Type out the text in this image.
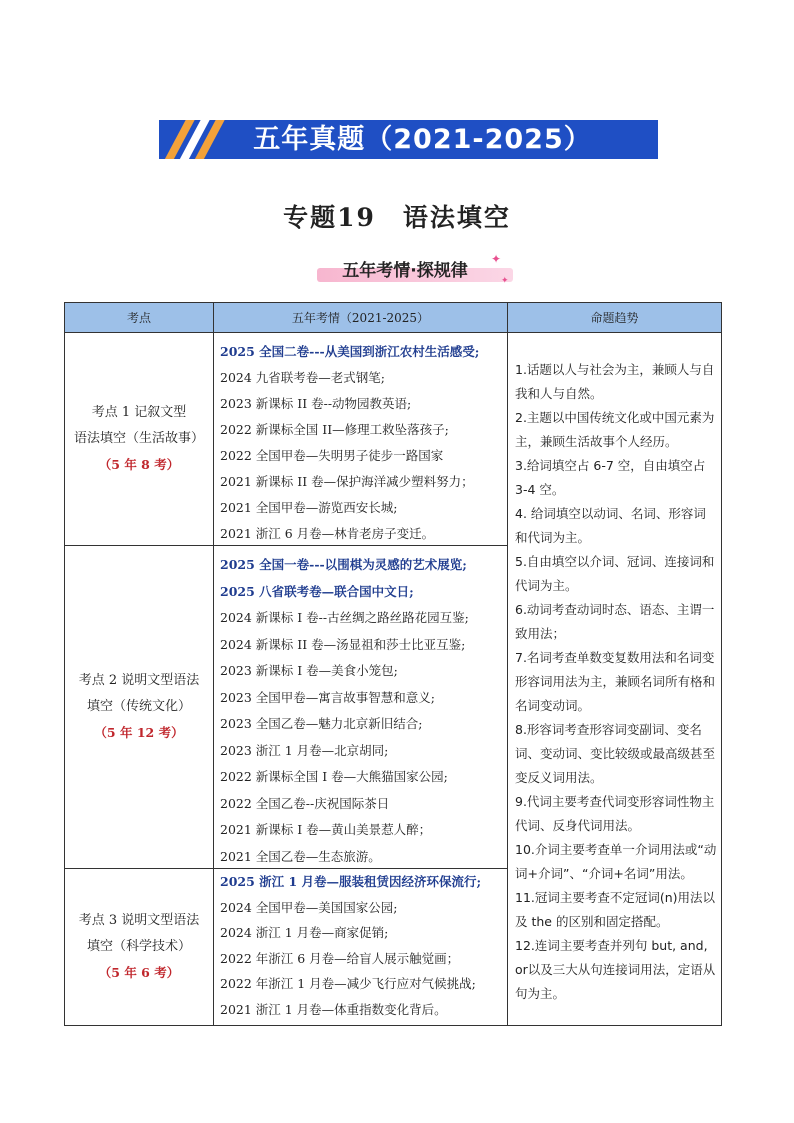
五年真题（2021-2025）
专题19　语法填空
五年考情·探规律
✦
✦
考点	五年考情（2021-2025）	命题趋势
考点 1 记叙文型
语法填空（生活故事）
（5 年 8 考）
2025 全国二卷---从美国到浙江农村生活感受;
2024 九省联考卷—老式钢笔;
2023 新课标 II 卷--动物园教英语;
2022 新课标全国 II—修理工救坠落孩子;
2022 全国甲卷—失明男子徒步一路国家
2021 新课标 II 卷—保护海洋减少塑料努力；
2021 全国甲卷—游览西安长城;
2021 浙江 6 月卷—林肯老房子变迁。
考点 2 说明文型语法
填空（传统文化）
（5 年 12 考）
2025 全国一卷---以围棋为灵感的艺术展览;
2025 八省联考卷—联合国中文日;
2024 新课标 I 卷--古丝绸之路丝路花园互鉴;
2024 新课标 II 卷—汤显祖和莎士比亚互鉴;
2023 新课标 I 卷—美食小笼包;
2023 全国甲卷—寓言故事智慧和意义;
2023 全国乙卷—魅力北京新旧结合;
2023 浙江 1 月卷—北京胡同;
2022 新课标全国 I 卷—大熊猫国家公园;
2022 全国乙卷--庆祝国际茶日
2021 新课标 I 卷—黄山美景惹人醉；
2021 全国乙卷—生态旅游。
考点 3 说明文型语法
填空（科学技术）
（5 年 6 考）
2025 浙江 1 月卷—服装租赁因经济环保流行;
2024 全国甲卷—美国国家公园;
2024 浙江 1 月卷—商家促销;
2022 年浙江 6 月卷—给盲人展示触觉画；
2022 年浙江 1 月卷—减少飞行应对气候挑战;
2021 浙江 1 月卷—体重指数变化背后。

1.话题以人与社会为主，兼顾人与自我和人与自然。

2.主题以中国传统文化或中国元素为主，兼顾生活故事个人经历。

3.给词填空占 6-7 空，自由填空占 3-4 空。

4. 给词填空以动词、名词、形容词和代词为主。

5.自由填空以介词、冠词、连接词和代词为主。

6.动词考查动词时态、语态、主谓一致用法；

7.名词考查单数变复数用法和名词变形容词用法为主，兼顾名词所有格和名词变动词。

8.形容词考查形容词变副词、变名词、变动词、变比较级或最高级甚至变反义词用法。

9.代词主要考查代词变形容词性物主代词、反身代词用法。

10.介词主要考查单一介词用法或“动词+介词”、“介词+名词”用法。

11.冠词主要考查不定冠词(n)用法以及 the 的区别和固定搭配。

12.连词主要考查并列句 but, and, or以及三大从句连接词用法，定语从句为主。
